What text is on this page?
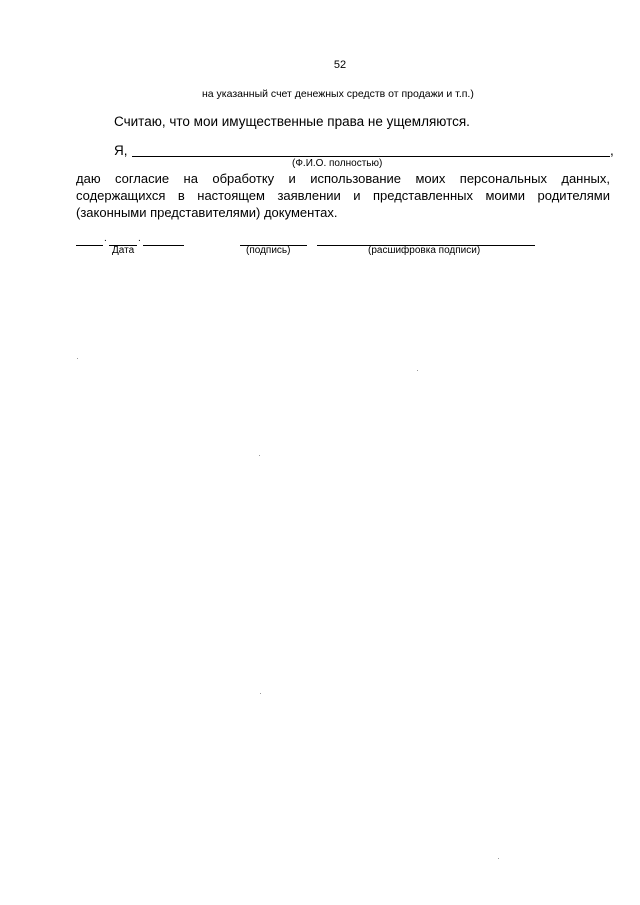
52
на указанный счет денежных средств от продажи и т.п.)
Считаю, что мои имущественные права не ущемляются.
Я,	,
(Ф.И.О. полностью)
даю согласие на обработку и использование моих персональных данных, содержащихся в настоящем заявлении и представленных моими родителями (законными представителями) документах.
.	.
Дата	(подпись)	(расшифровка подписи)
